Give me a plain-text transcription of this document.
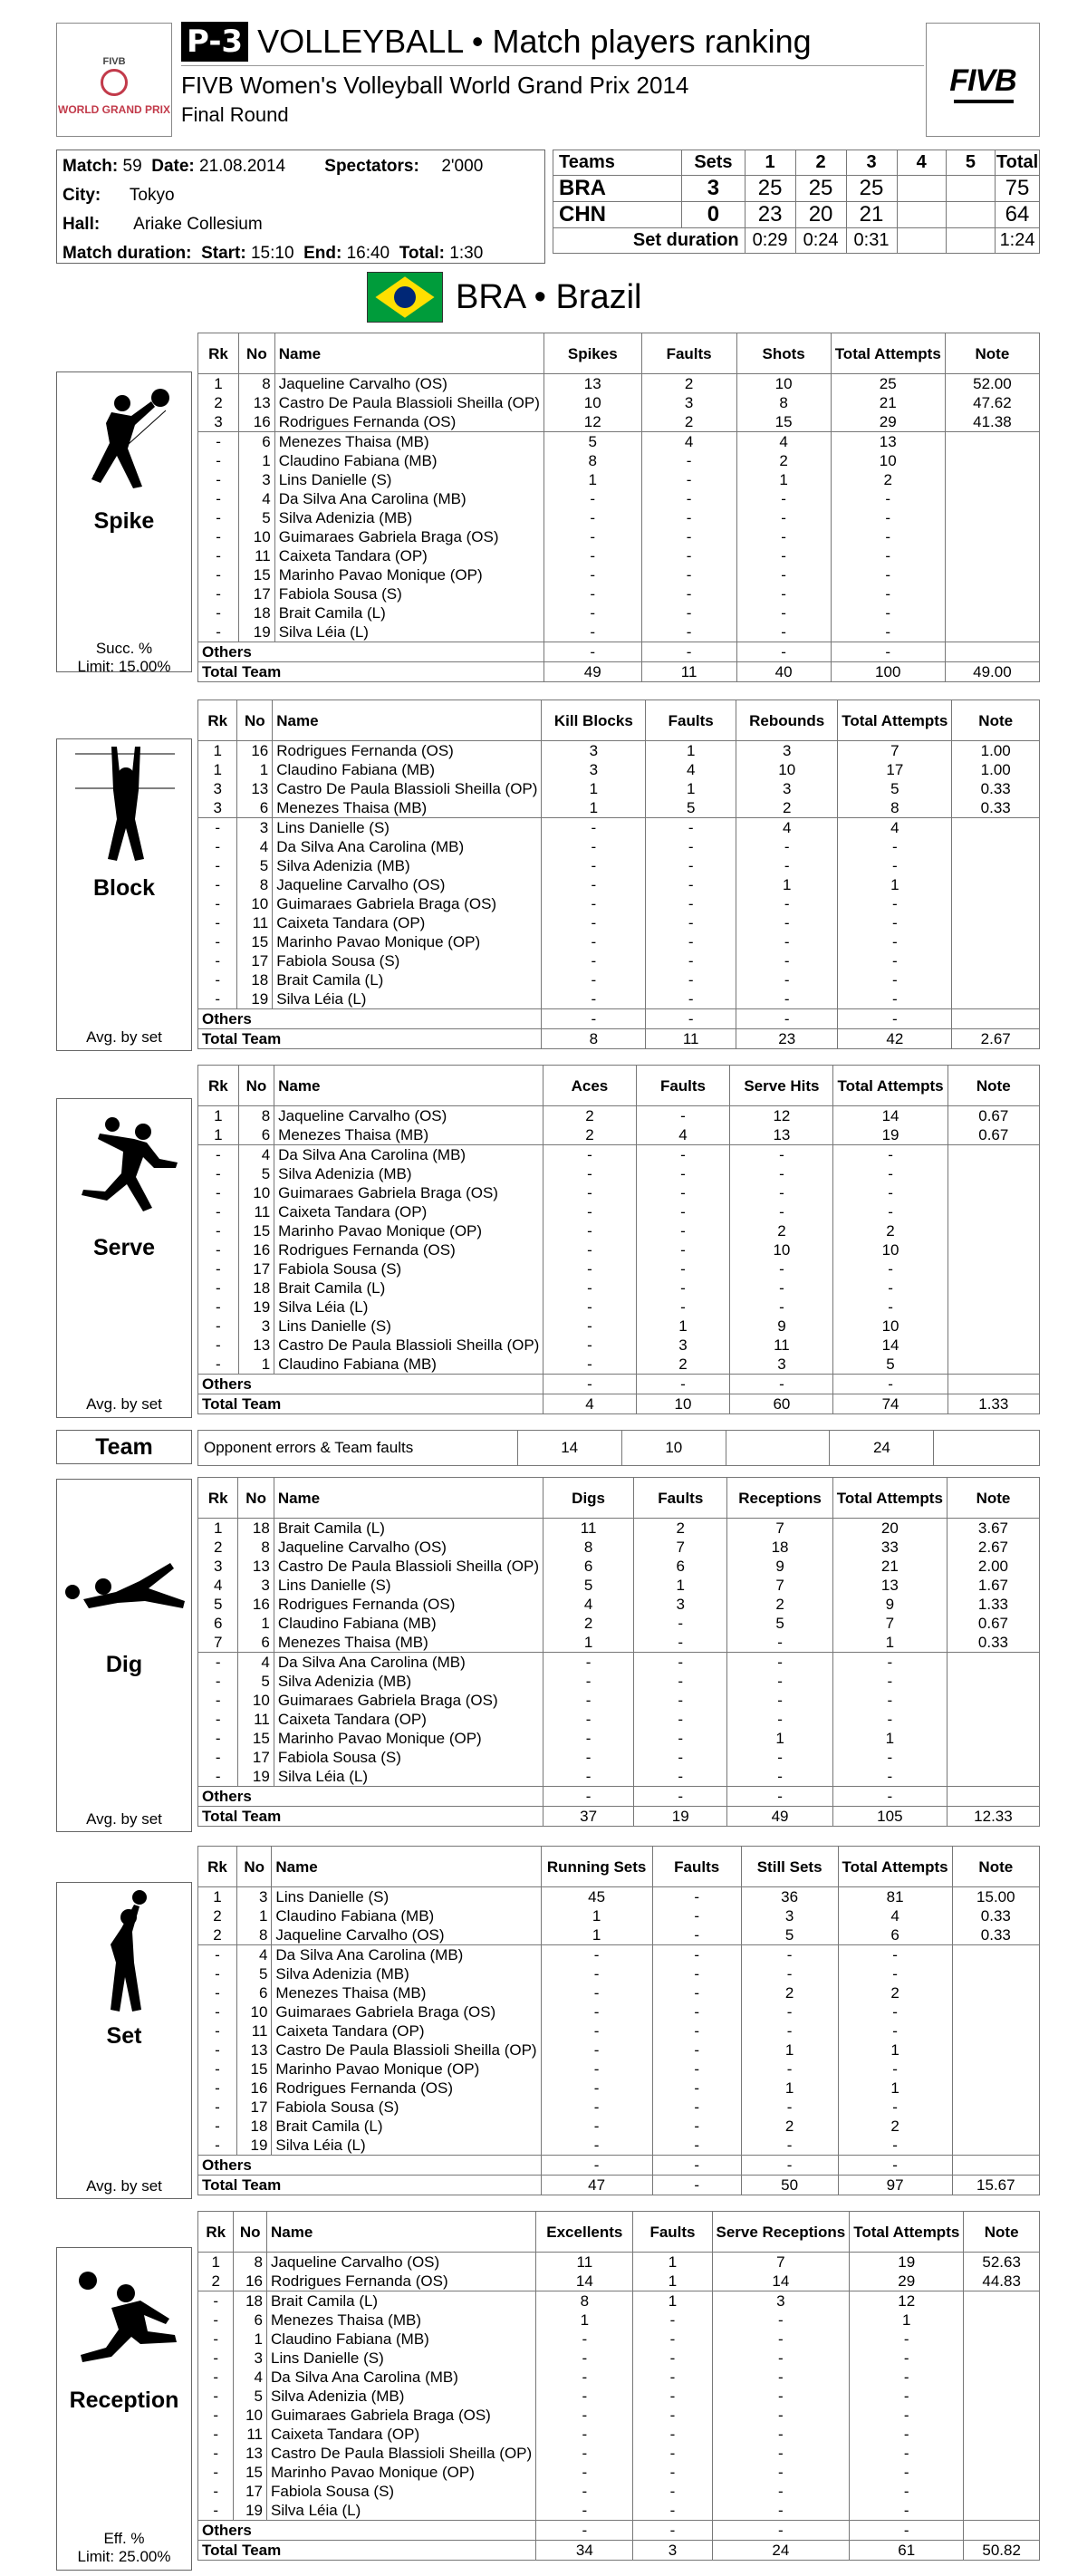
FIVB
WORLD GRAND PRIX
FIVB
P-3 VOLLEYBALL • Match players ranking
FIVB Women's Volleyball World Grand Prix 2014
Final Round
Match: 59 Date: 21.08.2014	Spectators:	2'000
City: Tokyo
Hall: Ariake Collesium
Match duration: Start: 15:10 End: 16:40 Total: 1:30
Teams	Sets	1	2	3	4	5	Total
BRA	3	25	25	25			75
CHN	0	23	20	21			64
Set duration		0:29	0:24	0:31			1:24
BRA • Brazil
Spike
Succ. %
Limit: 15.00%
Block
Avg. by set
Serve
Avg. by set
Team
Dig
Avg. by set
Set
Avg. by set
Reception
Eff. %
Limit: 25.00%
Rk	No	Name	Spikes	Faults	Shots	Total Attempts	Note
1	8	Jaqueline Carvalho (OS)	13	2	10	25	52.00
2	13	Castro De Paula Blassioli Sheilla (OP)	10	3	8	21	47.62
3	16	Rodrigues Fernanda (OS)	12	2	15	29	41.38
-	6	Menezes Thaisa (MB)	5	4	4	13	
-	1	Claudino Fabiana (MB)	8	-	2	10	
-	3	Lins Danielle (S)	1	-	1	2	
-	4	Da Silva Ana Carolina (MB)	-	-	-	-	
-	5	Silva Adenizia (MB)	-	-	-	-	
-	10	Guimaraes Gabriela Braga (OS)	-	-	-	-	
-	11	Caixeta Tandara (OP)	-	-	-	-	
-	15	Marinho Pavao Monique (OP)	-	-	-	-	
-	17	Fabiola Sousa (S)	-	-	-	-	
-	18	Brait Camila (L)	-	-	-	-	
-	19	Silva Léia (L)	-	-	-	-	
Others			-	-	-	-	
Total Team			49	11	40	100	49.00
Rk	No	Name	Kill Blocks	Faults	Rebounds	Total Attempts	Note
1	16	Rodrigues Fernanda (OS)	3	1	3	7	1.00
1	1	Claudino Fabiana (MB)	3	4	10	17	1.00
3	13	Castro De Paula Blassioli Sheilla (OP)	1	1	3	5	0.33
3	6	Menezes Thaisa (MB)	1	5	2	8	0.33
-	3	Lins Danielle (S)	-	-	4	4	
-	4	Da Silva Ana Carolina (MB)	-	-	-	-	
-	5	Silva Adenizia (MB)	-	-	-	-	
-	8	Jaqueline Carvalho (OS)	-	-	1	1	
-	10	Guimaraes Gabriela Braga (OS)	-	-	-	-	
-	11	Caixeta Tandara (OP)	-	-	-	-	
-	15	Marinho Pavao Monique (OP)	-	-	-	-	
-	17	Fabiola Sousa (S)	-	-	-	-	
-	18	Brait Camila (L)	-	-	-	-	
-	19	Silva Léia (L)	-	-	-	-	
Others			-	-	-	-	
Total Team			8	11	23	42	2.67
Rk	No	Name	Aces	Faults	Serve Hits	Total Attempts	Note
1	8	Jaqueline Carvalho (OS)	2	-	12	14	0.67
1	6	Menezes Thaisa (MB)	2	4	13	19	0.67
-	4	Da Silva Ana Carolina (MB)	-	-	-	-	
-	5	Silva Adenizia (MB)	-	-	-	-	
-	10	Guimaraes Gabriela Braga (OS)	-	-	-	-	
-	11	Caixeta Tandara (OP)	-	-	-	-	
-	15	Marinho Pavao Monique (OP)	-	-	2	2	
-	16	Rodrigues Fernanda (OS)	-	-	10	10	
-	17	Fabiola Sousa (S)	-	-	-	-	
-	18	Brait Camila (L)	-	-	-	-	
-	19	Silva Léia (L)	-	-	-	-	
-	3	Lins Danielle (S)	-	1	9	10	
-	13	Castro De Paula Blassioli Sheilla (OP)	-	3	11	14	
-	1	Claudino Fabiana (MB)	-	2	3	5	
Others			-	-	-	-	
Total Team			4	10	60	74	1.33
Opponent errors & Team faults	14	10		24	
Rk	No	Name	Digs	Faults	Receptions	Total Attempts	Note
1	18	Brait Camila (L)	11	2	7	20	3.67
2	8	Jaqueline Carvalho (OS)	8	7	18	33	2.67
3	13	Castro De Paula Blassioli Sheilla (OP)	6	6	9	21	2.00
4	3	Lins Danielle (S)	5	1	7	13	1.67
5	16	Rodrigues Fernanda (OS)	4	3	2	9	1.33
6	1	Claudino Fabiana (MB)	2	-	5	7	0.67
7	6	Menezes Thaisa (MB)	1	-	-	1	0.33
-	4	Da Silva Ana Carolina (MB)	-	-	-	-	
-	5	Silva Adenizia (MB)	-	-	-	-	
-	10	Guimaraes Gabriela Braga (OS)	-	-	-	-	
-	11	Caixeta Tandara (OP)	-	-	-	-	
-	15	Marinho Pavao Monique (OP)	-	-	1	1	
-	17	Fabiola Sousa (S)	-	-	-	-	
-	19	Silva Léia (L)	-	-	-	-	
Others			-	-	-	-	
Total Team			37	19	49	105	12.33
Rk	No	Name	Running Sets	Faults	Still Sets	Total Attempts	Note
1	3	Lins Danielle (S)	45	-	36	81	15.00
2	1	Claudino Fabiana (MB)	1	-	3	4	0.33
2	8	Jaqueline Carvalho (OS)	1	-	5	6	0.33
-	4	Da Silva Ana Carolina (MB)	-	-	-	-	
-	5	Silva Adenizia (MB)	-	-	-	-	
-	6	Menezes Thaisa (MB)	-	-	2	2	
-	10	Guimaraes Gabriela Braga (OS)	-	-	-	-	
-	11	Caixeta Tandara (OP)	-	-	-	-	
-	13	Castro De Paula Blassioli Sheilla (OP)	-	-	1	1	
-	15	Marinho Pavao Monique (OP)	-	-	-	-	
-	16	Rodrigues Fernanda (OS)	-	-	1	1	
-	17	Fabiola Sousa (S)	-	-	-	-	
-	18	Brait Camila (L)	-	-	2	2	
-	19	Silva Léia (L)	-	-	-	-	
Others			-	-	-	-	
Total Team			47	-	50	97	15.67
Rk	No	Name	Excellents	Faults	Serve Receptions	Total Attempts	Note
1	8	Jaqueline Carvalho (OS)	11	1	7	19	52.63
2	16	Rodrigues Fernanda (OS)	14	1	14	29	44.83
-	18	Brait Camila (L)	8	1	3	12	
-	6	Menezes Thaisa (MB)	1	-	-	1	
-	1	Claudino Fabiana (MB)	-	-	-	-	
-	3	Lins Danielle (S)	-	-	-	-	
-	4	Da Silva Ana Carolina (MB)	-	-	-	-	
-	5	Silva Adenizia (MB)	-	-	-	-	
-	10	Guimaraes Gabriela Braga (OS)	-	-	-	-	
-	11	Caixeta Tandara (OP)	-	-	-	-	
-	13	Castro De Paula Blassioli Sheilla (OP)	-	-	-	-	
-	15	Marinho Pavao Monique (OP)	-	-	-	-	
-	17	Fabiola Sousa (S)	-	-	-	-	
-	19	Silva Léia (L)	-	-	-	-	
Others			-	-	-	-	
Total Team			34	3	24	61	50.82
